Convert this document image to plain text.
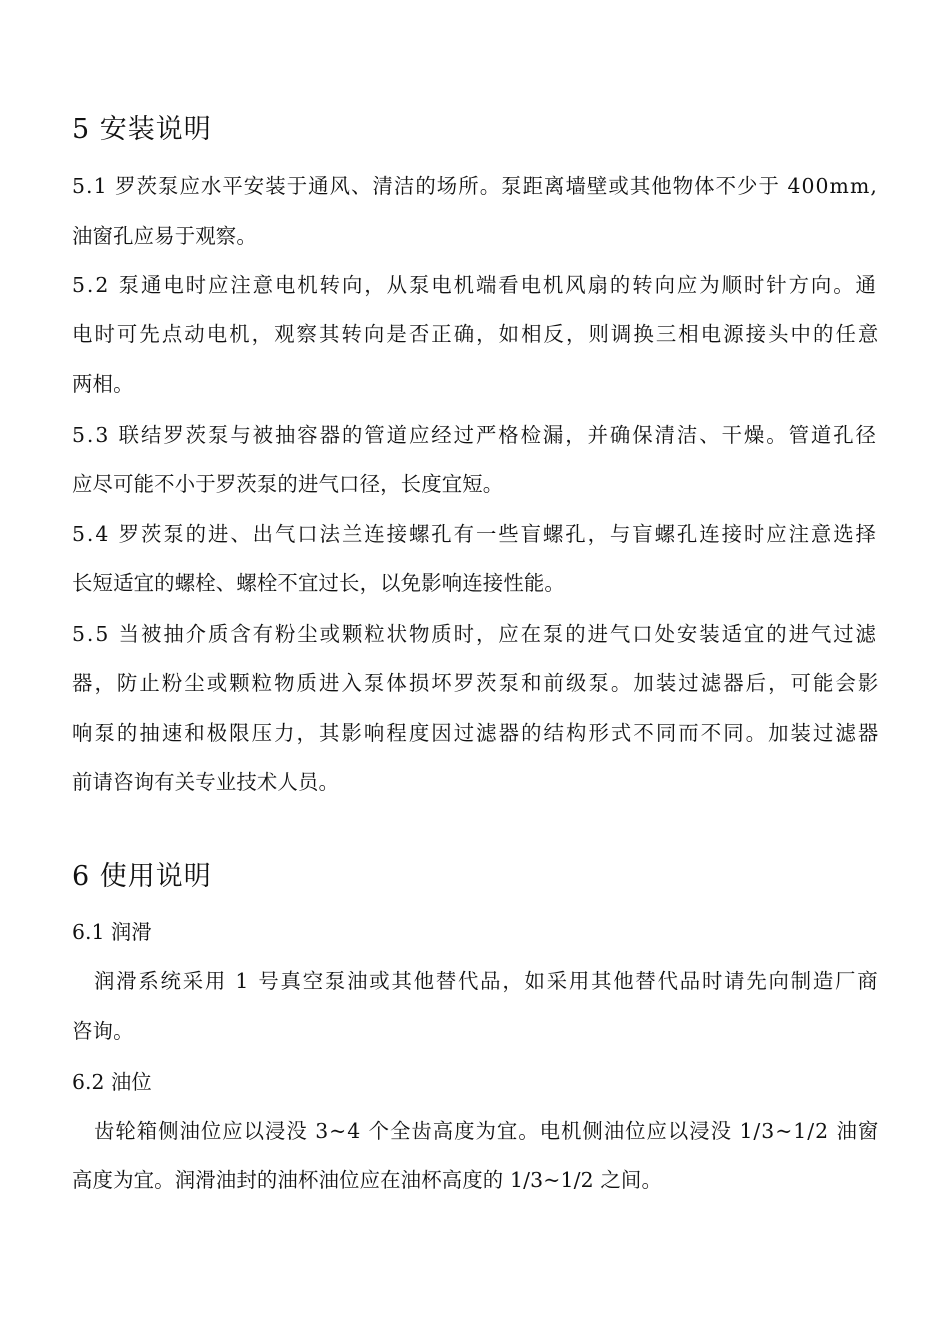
5 安装说明
5.1 罗茨泵应水平安装于通风、清洁的场所。泵距离墙壁或其他物体不少于 400mm,
油窗孔应易于观察。
5.2 泵通电时应注意电机转向，从泵电机端看电机风扇的转向应为顺时针方向。通
电时可先点动电机，观察其转向是否正确，如相反，则调换三相电源接头中的任意
两相。
5.3 联结罗茨泵与被抽容器的管道应经过严格检漏，并确保清洁、干燥。管道孔径
应尽可能不小于罗茨泵的进气口径，长度宜短。
5.4 罗茨泵的进、出气口法兰连接螺孔有一些盲螺孔，与盲螺孔连接时应注意选择
长短适宜的螺栓、螺栓不宜过长，以免影响连接性能。
5.5 当被抽介质含有粉尘或颗粒状物质时，应在泵的进气口处安装适宜的进气过滤
器，防止粉尘或颗粒物质进入泵体损坏罗茨泵和前级泵。加装过滤器后，可能会影
响泵的抽速和极限压力，其影响程度因过滤器的结构形式不同而不同。加装过滤器
前请咨询有关专业技术人员。
6 使用说明
6.1 润滑
润滑系统采用 1 号真空泵油或其他替代品，如采用其他替代品时请先向制造厂商
咨询。
6.2 油位
齿轮箱侧油位应以浸没 3~4 个全齿高度为宜。电机侧油位应以浸没 1/3~1/2 油窗
高度为宜。润滑油封的油杯油位应在油杯高度的 1/3~1/2 之间。
